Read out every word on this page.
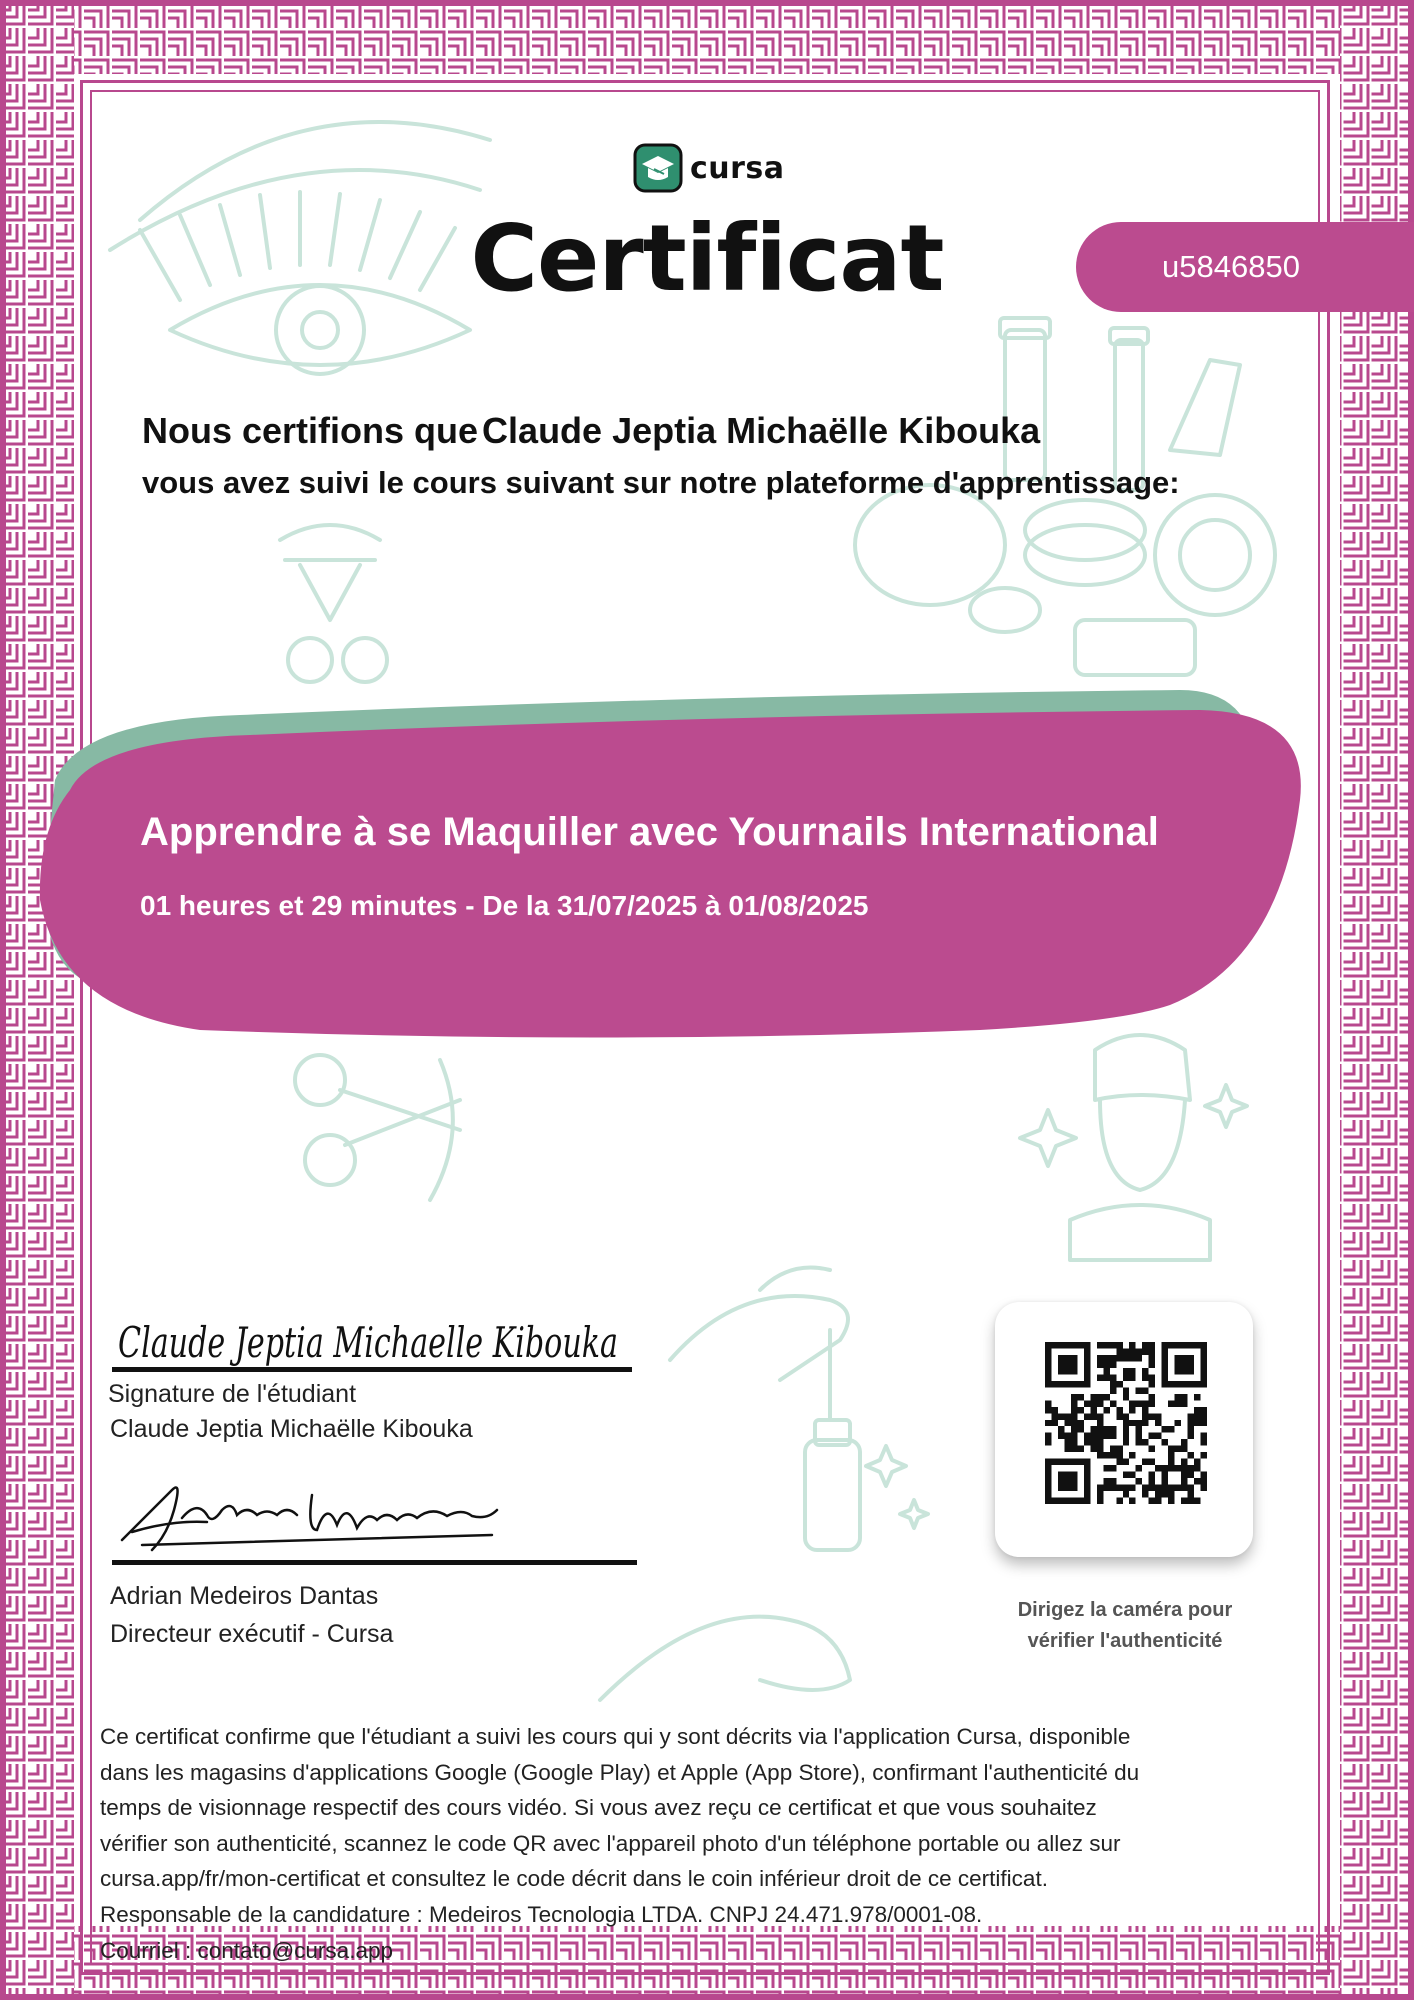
cursa
Certificat	u5846850
Nous certifions que Claude Jeptia Michaëlle Kibouka
vous avez suivi le cours suivant sur notre plateforme d'apprentissage:
Apprendre à se Maquiller avec Yournails International
01 heures et 29 minutes - De la 31/07/2025 à 01/08/2025
Claude Jeptia Michaelle Kibouka
Signature de l'étudiant
Claude Jeptia Michaëlle Kibouka
Adrian Medeiros Dantas
Directeur exécutif - Cursa
Dirigez la caméra pour
vérifier l'authenticité

Ce certificat confirme que l'étudiant a suivi les cours qui y sont décrits via l'application Cursa, disponible
dans les magasins d'applications Google (Google Play) et Apple (App Store), confirmant l'authenticité du
temps de visionnage respectif des cours vidéo. Si vous avez reçu ce certificat et que vous souhaitez
vérifier son authenticité, scannez le code QR avec l'appareil photo d'un téléphone portable ou allez sur
cursa.app/fr/mon-certificat et consultez le code décrit dans le coin inférieur droit de ce certificat.
Responsable de la candidature : Medeiros Tecnologia LTDA. CNPJ 24.471.978/0001-08.
Courriel : contato@cursa.app
